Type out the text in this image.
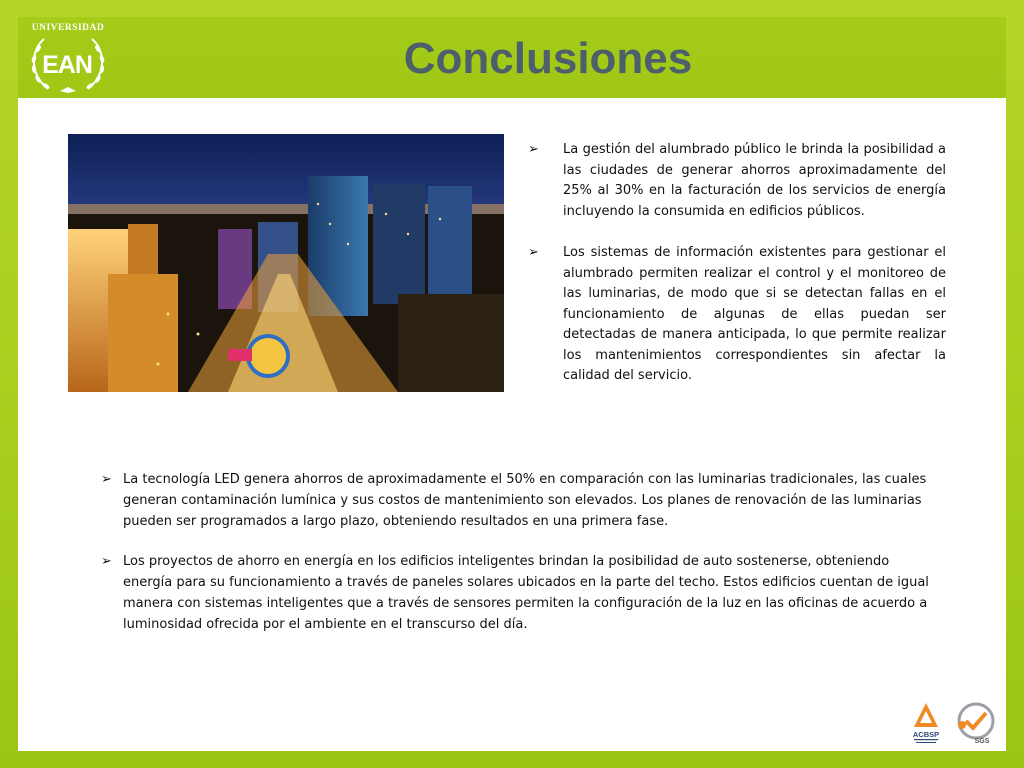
UNIVERSIDAD
EAN	Conclusiones
➢ La gestión del alumbrado público le brinda la posibilidad a las ciudades de generar ahorros aproximadamente del 25% al 30% en la facturación de los servicios de energía incluyendo la consumida en edificios públicos.
➢ Los sistemas de información existentes para gestionar el alumbrado permiten realizar el control y el monitoreo de las luminarias, de modo que si se detectan fallas en el funcionamiento de algunas de ellas puedan ser detectadas de manera anticipada, lo que permite realizar los mantenimientos correspondientes sin afectar la calidad del servicio.
➢ La tecnología LED genera ahorros de aproximadamente el 50% en comparación con las luminarias tradicionales, las cuales generan contaminación lumínica y sus costos de mantenimiento son elevados. Los planes de renovación de las luminarias pueden ser programados a largo plazo, obteniendo resultados en una primera fase.
➢ Los proyectos de ahorro en energía en los edificios inteligentes brindan la posibilidad de auto sostenerse, obteniendo energía para su funcionamiento a través de paneles solares ubicados en la parte del techo. Estos edificios cuentan de igual manera con sistemas inteligentes que a través de sensores permiten la configuración de la luz en las oficinas de acuerdo a luminosidad ofrecida por el ambiente en el transcurso del día.
ACBSP
SGS
